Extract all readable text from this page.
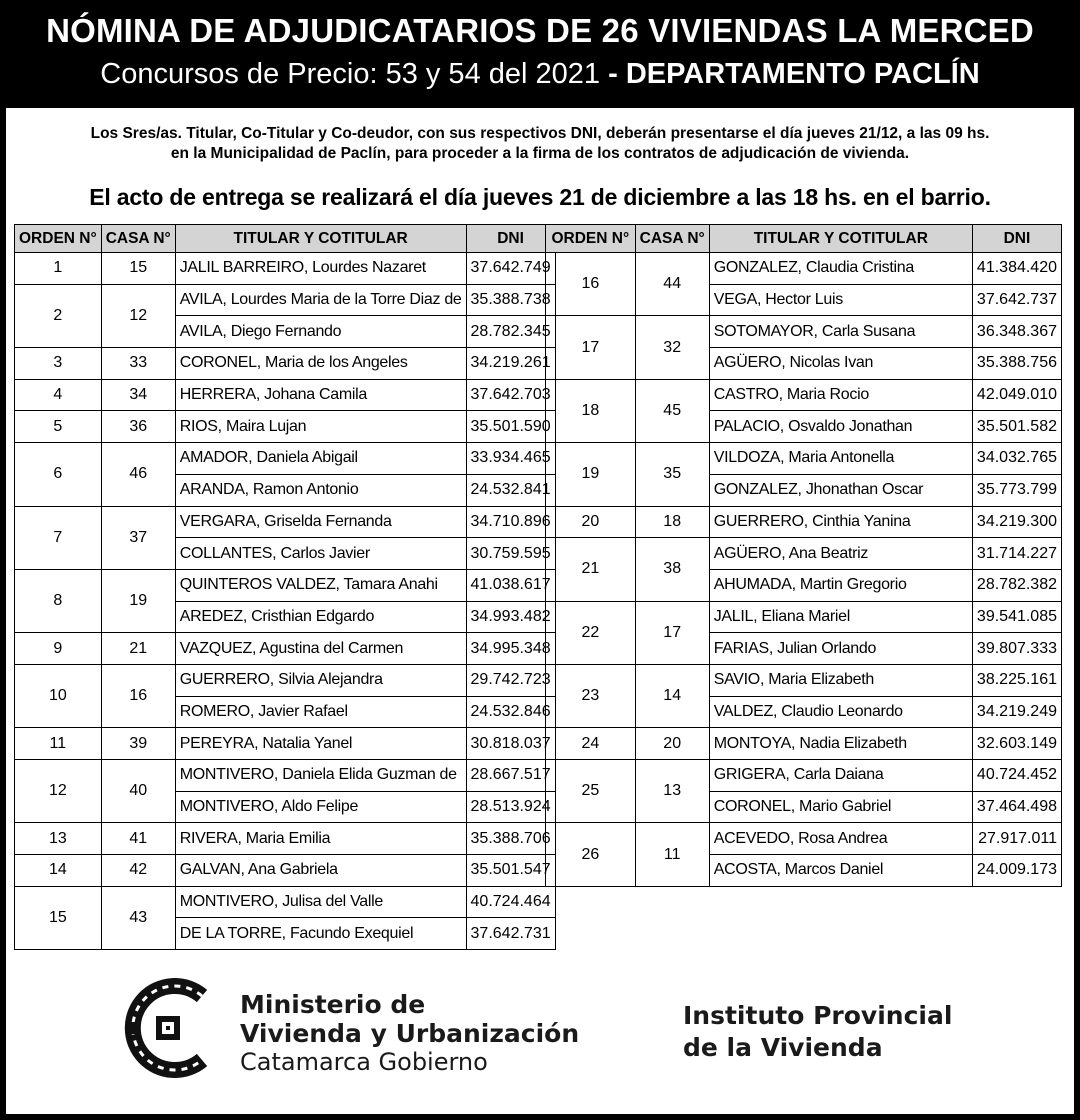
NÓMINA DE ADJUDICATARIOS DE 26 VIVIENDAS LA MERCED
Concursos de Precio: 53 y 54 del 2021 - DEPARTAMENTO PACLÍN
Los Sres/as. Titular, Co-Titular y Co-deudor, con sus respectivos DNI, deberán presentarse el día jueves 21/12, a las 09 hs.
en la Municipalidad de Paclín, para proceder a la firma de los contratos de adjudicación de vivienda.
El acto de entrega se realizará el día jueves 21 de diciembre a las 18 hs. en el barrio.
ORDEN N°	CASA N°	TITULAR Y COTITULAR	DNI
1	15	JALIL BARREIRO, Lourdes Nazaret	37.642.749
2	12	AVILA, Lourdes Maria de la Torre Diaz de	35.388.738
		AVILA, Diego Fernando	28.782.345
3	33	CORONEL, Maria de los Angeles	34.219.261
4	34	HERRERA, Johana Camila	37.642.703
5	36	RIOS, Maira Lujan	35.501.590
6	46	AMADOR, Daniela Abigail	33.934.465
		ARANDA, Ramon Antonio	24.532.841
7	37	VERGARA, Griselda Fernanda	34.710.896
		COLLANTES, Carlos Javier	30.759.595
8	19	QUINTEROS VALDEZ, Tamara Anahi	41.038.617
		AREDEZ, Cristhian Edgardo	34.993.482
9	21	VAZQUEZ, Agustina del Carmen	34.995.348
10	16	GUERRERO, Silvia Alejandra	29.742.723
		ROMERO, Javier Rafael	24.532.846
11	39	PEREYRA, Natalia Yanel	30.818.037
12	40	MONTIVERO, Daniela Elida Guzman de	28.667.517
		MONTIVERO, Aldo Felipe	28.513.924
13	41	RIVERA, Maria Emilia	35.388.706
14	42	GALVAN, Ana Gabriela	35.501.547
15	43	MONTIVERO, Julisa del Valle	40.724.464
		DE LA TORRE, Facundo Exequiel	37.642.731
ORDEN N°	CASA N°	TITULAR Y COTITULAR	DNI
16	44	GONZALEZ, Claudia Cristina	41.384.420
		VEGA, Hector Luis	37.642.737
17	32	SOTOMAYOR, Carla Susana	36.348.367
		AGÜERO, Nicolas Ivan	35.388.756
18	45	CASTRO, Maria Rocio	42.049.010
		PALACIO, Osvaldo Jonathan	35.501.582
19	35	VILDOZA, Maria Antonella	34.032.765
		GONZALEZ, Jhonathan Oscar	35.773.799
20	18	GUERRERO, Cinthia Yanina	34.219.300
21	38	AGÜERO, Ana Beatriz	31.714.227
		AHUMADA, Martin Gregorio	28.782.382
22	17	JALIL, Eliana Mariel	39.541.085
		FARIAS, Julian Orlando	39.807.333
23	14	SAVIO, Maria Elizabeth	38.225.161
		VALDEZ, Claudio Leonardo	34.219.249
24	20	MONTOYA, Nadia Elizabeth	32.603.149
25	13	GRIGERA, Carla Daiana	40.724.452
		CORONEL, Mario Gabriel	37.464.498
26	11	ACEVEDO, Rosa Andrea	27.917.011
		ACOSTA, Marcos Daniel	24.009.173
Ministerio de
Vivienda y Urbanización
Catamarca Gobierno
Instituto Provincial
de la Vivienda
